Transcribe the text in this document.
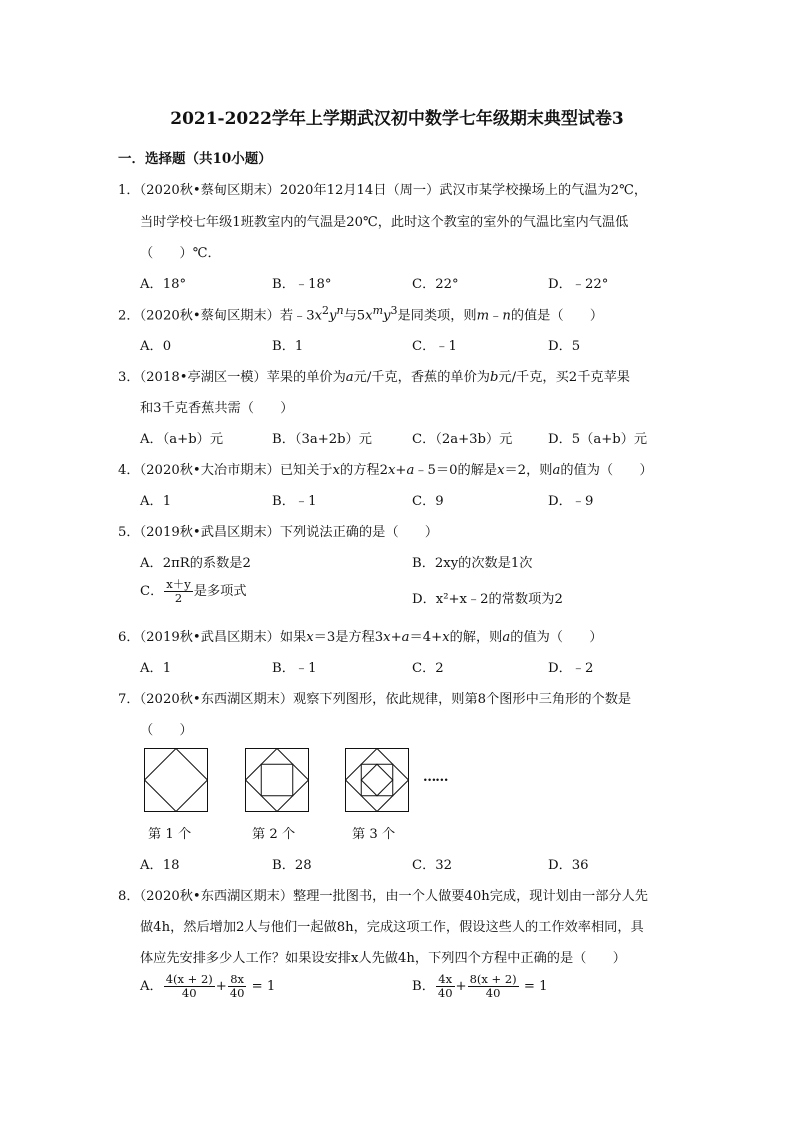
2021-2022学年上学期武汉初中数学七年级期末典型试卷3
一．选择题（共10小题）
1．（2020秋•蔡甸区期末）2020年12月14日（周一）武汉市某学校操场上的气温为2℃，
当时学校七年级1班教室内的气温是20℃，此时这个教室的室外的气温比室内气温低
（　　）℃．
A．18°	B．﹣18°	C．22°	D．﹣22°
2．（2020秋•蔡甸区期末）若$﹣3x^2y^n$与$5x^my^3$是同类项，则m﹣n的值是（　　）
A．0	B．1	C．﹣1	D．5
3．（2018•亭湖区一模）苹果的单价为a元/千克，香蕉的单价为b元/千克，买2千克苹果
和3千克香蕉共需（　　）
A．（a+b）元	B．（3a+2b）元	C．（2a+3b）元	D．5（a+b）元
4．（2020秋•大冶市期末）已知关于x的方程2x+a﹣5＝0的解是x＝2，则a的值为（　　）
A．1	B．﹣1	C．9	D．﹣9
5．（2019秋•武昌区期末）下列说法正确的是（　　）
A．2πR的系数是2	B．2xy的次数是1次
C． $\frac{x+y}{2}$ 是多项式
D．x²+x﹣2的常数项为2
6．（2019秋•武昌区期末）如果x＝3是方程3x+a＝4+x的解，则a的值为（　　）
A．1	B．﹣1	C．2	D．﹣2
7．（2020秋•东西湖区期末）观察下列图形，依此规律，则第8个图形中三角形的个数是
（　　）
……
第 1 个	第 2 个	第 3 个
A．18	B．28	C．32	D．36
8．（2020秋•东西湖区期末）整理一批图书，由一个人做要40h完成，现计划由一部分人先
做4h，然后增加2人与他们一起做8h，完成这项工作，假设这些人的工作效率相同，具
体应先安排多少人工作？如果设安排x人先做4h，下列四个方程中正确的是（　　）
A． $\frac{4(x + 2)}{40} + \frac{8x}{40} = 1$	B． $\frac{4x}{40} + \frac{8(x + 2)}{40} = 1$
